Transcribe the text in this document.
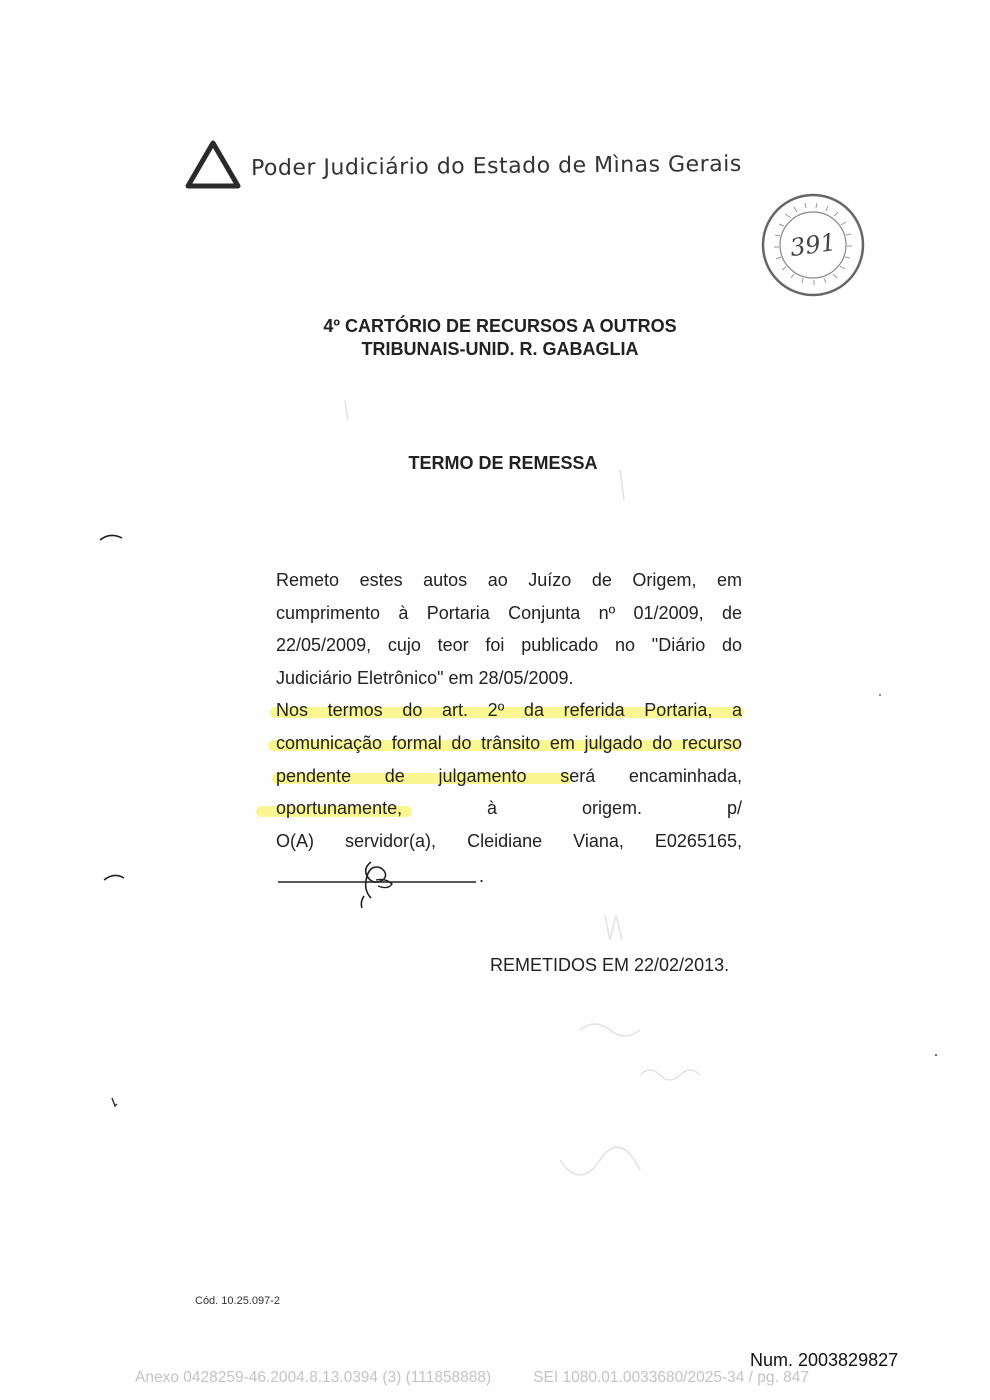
Poder Judiciário do Estado de Mìnas Gerais
391
4º CARTÓRIO DE RECURSOS A OUTROS
TRIBUNAIS-UNID. R. GABAGLIA
TERMO DE REMESSA
Remeto estes autos ao Juízo de Origem, em
cumprimento à Portaria Conjunta nº 01/2009, de
22/05/2009, cujo teor foi publicado no "Diário do
Judiciário Eletrônico" em 28/05/2009.
Nos termos do art. 2º da referida Portaria, a
comunicação formal do trânsito em julgado do recurso
pendente de julgamento será encaminhada,
oportunamente, à origem. p/
O(A) servidor(a), Cleidiane Viana, E0265165,
.
REMETIDOS EM 22/02/2013.
Cód. 10.25.097-2
Num. 2003829827
Anexo 0428259-46.2004.8.13.0394 (3) (111858888)	SEI 1080.01.0033680/2025-34 / pg. 847
